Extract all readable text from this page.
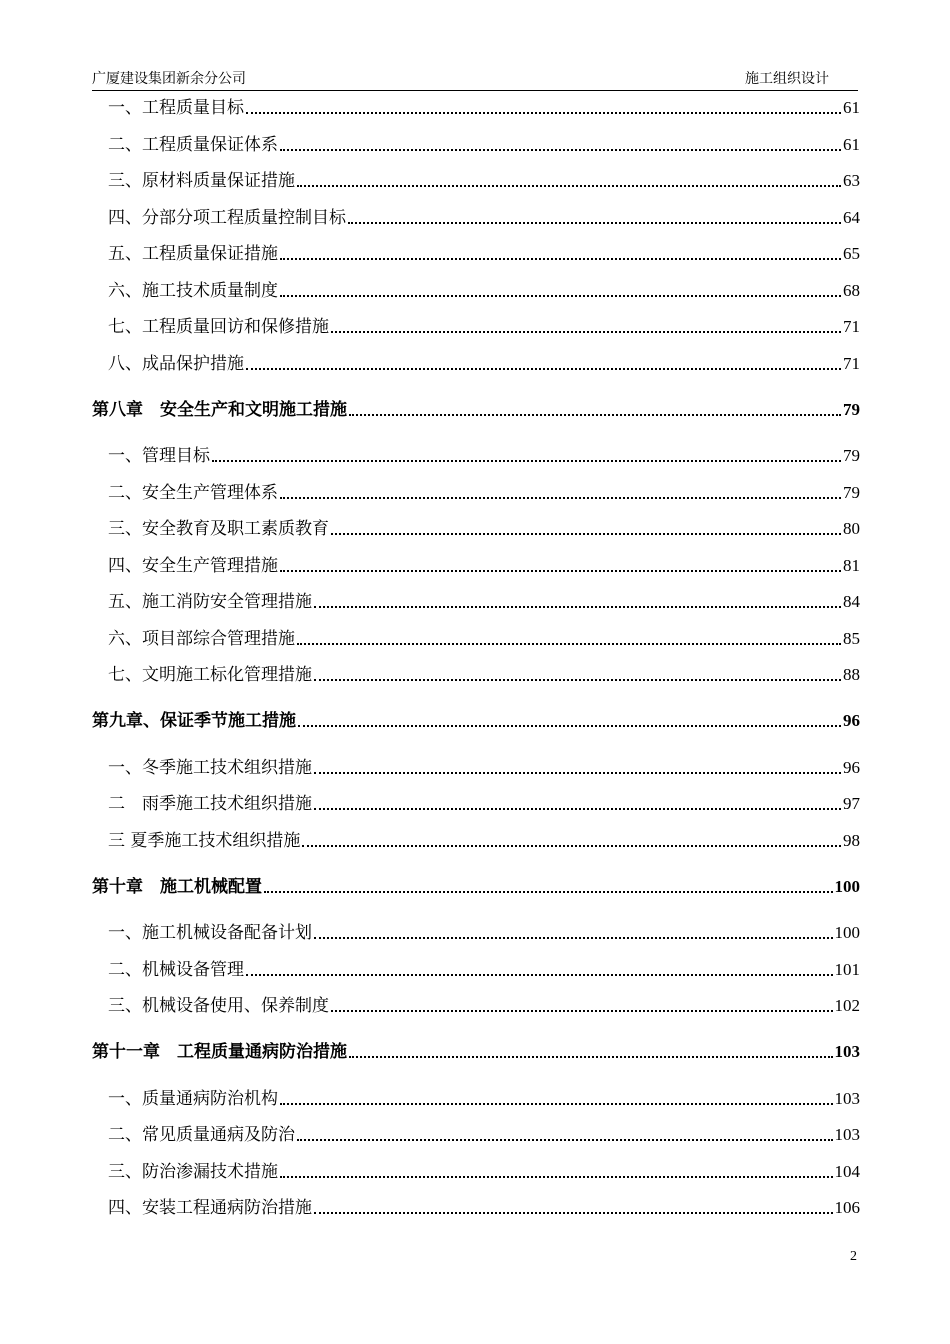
广厦建设集团新余分公司	施工组织设计
一、工程质量目标	61
二、工程质量保证体系	61
三、原材料质量保证措施	63
四、分部分项工程质量控制目标	64
五、工程质量保证措施	65
六、施工技术质量制度	68
七、工程质量回访和保修措施	71
八、成品保护措施	71
第八章　安全生产和文明施工措施	79
一、管理目标	79
二、安全生产管理体系	79
三、安全教育及职工素质教育	80
四、安全生产管理措施	81
五、施工消防安全管理措施	84
六、项目部综合管理措施	85
七、文明施工标化管理措施	88
第九章、保证季节施工措施	96
一、冬季施工技术组织措施	96
二　雨季施工技术组织措施	97
三 夏季施工技术组织措施	98
第十章　施工机械配置	100
一、施工机械设备配备计划	100
二、机械设备管理	101
三、机械设备使用、保养制度	102
第十一章　工程质量通病防治措施	103
一、质量通病防治机构	103
二、常见质量通病及防治	103
三、防治渗漏技术措施	104
四、安装工程通病防治措施	106
2
